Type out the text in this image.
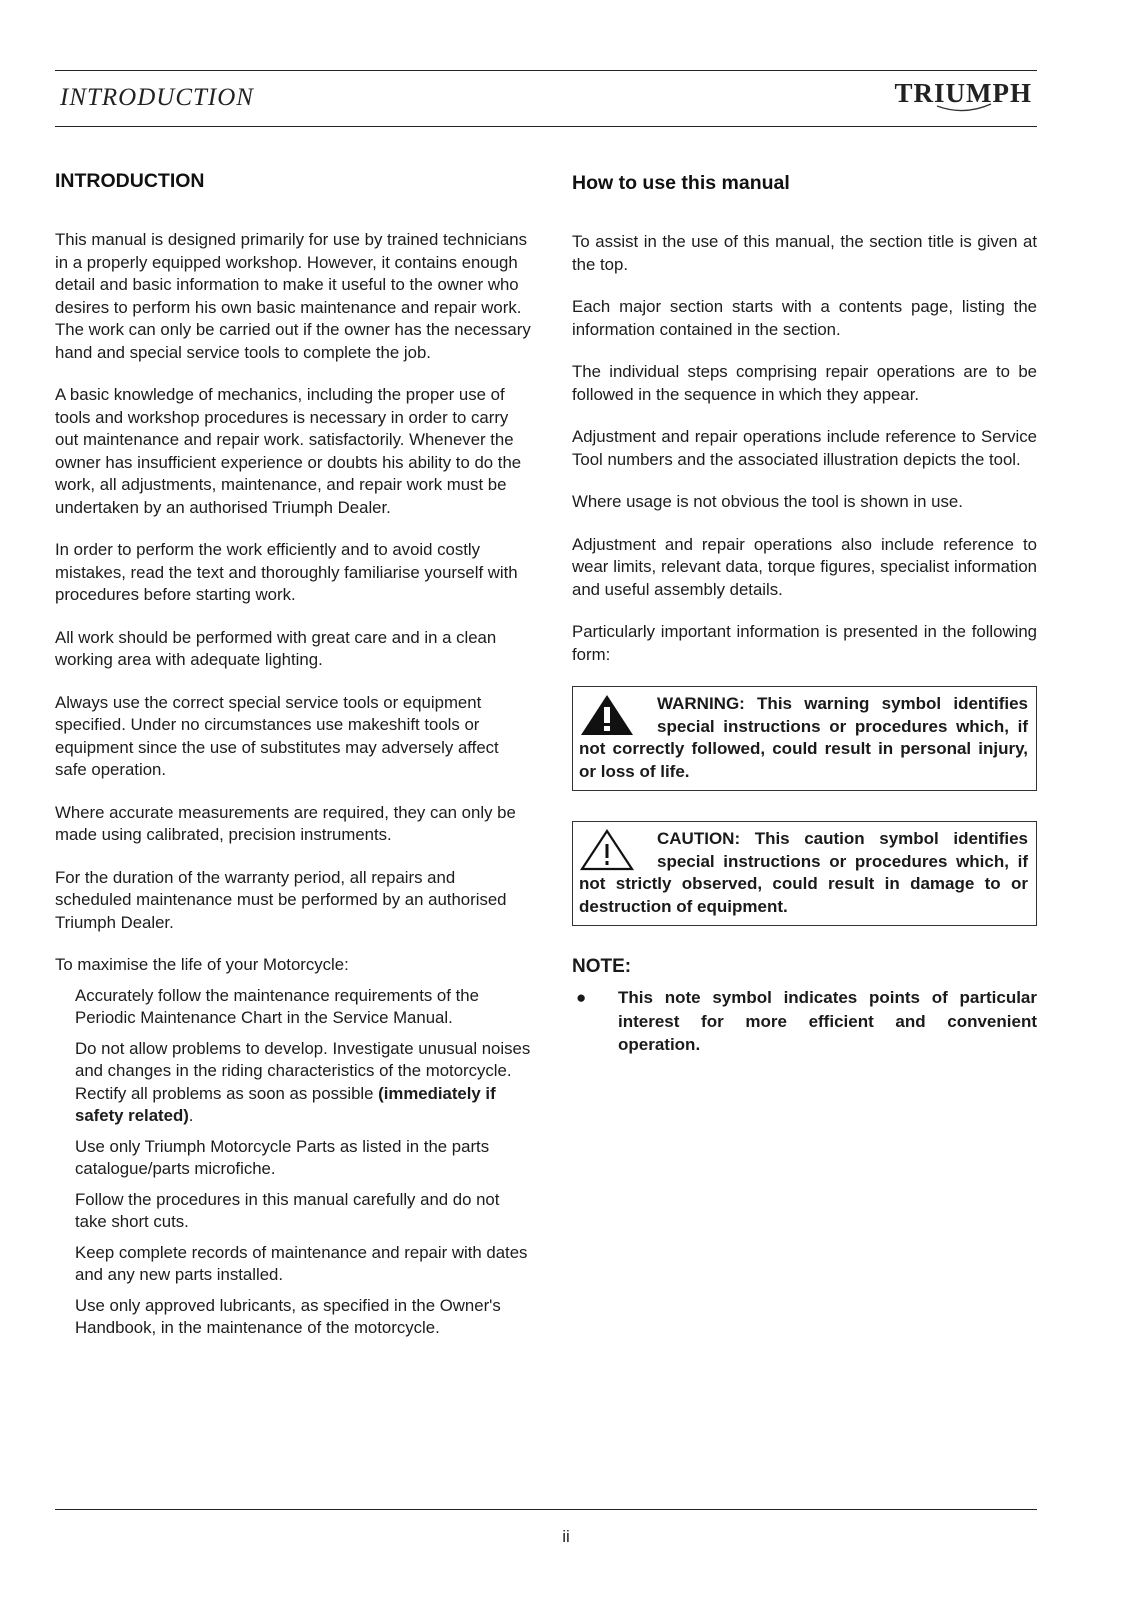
INTRODUCTION	TRIUMPH
INTRODUCTION

This manual is designed primarily for use by trained technicians in a properly equipped workshop. However, it contains enough detail and basic information to make it useful to the owner who desires to perform his own basic maintenance and repair work. The work can only be carried out if the owner has the necessary hand and special service tools to complete the job.

A basic knowledge of mechanics, including the proper use of tools and workshop procedures is necessary in order to carry out maintenance and repair work. satisfactorily. Whenever the owner has insufficient experience or doubts his ability to do the work, all adjustments, maintenance, and repair work must be undertaken by an authorised Triumph Dealer.

In order to perform the work efficiently and to avoid costly mistakes, read the text and thoroughly familiarise yourself with procedures before starting work.

All work should be performed with great care and in a clean working area with adequate lighting.

Always use the correct special service tools or equipment specified. Under no circumstances use makeshift tools or equipment since the use of substitutes may adversely affect safe operation.

Where accurate measurements are required, they can only be made using calibrated, precision instruments.

For the duration of the warranty period, all repairs and scheduled maintenance must be performed by an authorised Triumph Dealer.

To maximise the life of your Motorcycle:

Accurately follow the maintenance requirements of the Periodic Maintenance Chart in the Service Manual.

Do not allow problems to develop. Investigate unusual noises and changes in the riding characteristics of the motorcycle. Rectify all problems as soon as possible (immediately if safety related).

Use only Triumph Motorcycle Parts as listed in the parts catalogue/parts microfiche.

Follow the procedures in this manual carefully and do not take short cuts.

Keep complete records of maintenance and repair with dates and any new parts installed.

Use only approved lubricants, as specified in the Owner's Handbook, in the maintenance of the motorcycle.

How to use this manual

To assist in the use of this manual, the section title is given at the top.

Each major section starts with a contents page, listing the information contained in the section.

The individual steps comprising repair operations are to be followed in the sequence in which they appear.

Adjustment and repair operations include reference to Service Tool numbers and the associated illustration depicts the tool.

Where usage is not obvious the tool is shown in use.

Adjustment and repair operations also include reference to wear limits, relevant data, torque figures, specialist information and useful assembly details.

Particularly important information is presented in the following form:

WARNING: This warning symbol identifies special instructions or procedures which, if not correctly followed, could result in personal injury, or loss of life.
CAUTION: This caution symbol identifies special instructions or procedures which, if not strictly observed, could result in damage to or destruction of equipment.
NOTE:
●	This note symbol indicates points of particular interest for more efficient and convenient operation.
ii
